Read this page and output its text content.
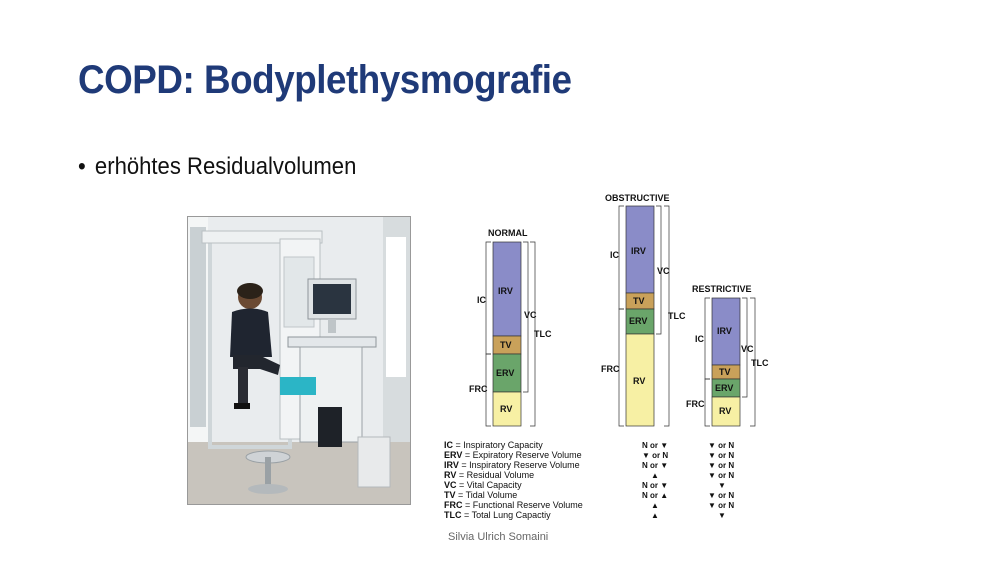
COPD: Bodyplethysmografie
• erhöhtes Residualvolumen
NORMAL
IRV
TV
ERV
RV
IC
FRC
VC
TLC
OBSTRUCTIVE
IRV
TV
ERV
RV
IC
FRC
VC
TLC
RESTRICTIVE
IRV
TV
ERV
RV
IC
FRC
VC
TLC
IC = Inspiratory Capacity
ERV = Expiratory Reserve Volume
IRV = Inspiratory Reserve Volume
RV = Residual Volume
VC = Vital Capacity
TV = Tidal Volume
FRC = Functional Reserve Volume
TLC = Total Lung Capactiy
N or ▼
▼ or N
N or ▼
▲
N or ▼
N or ▲
▲
▲
▼ or N
▼ or N
▼ or N
▼ or N
▼
▼ or N
▼ or N
▼
Silvia Ulrich Somaini
